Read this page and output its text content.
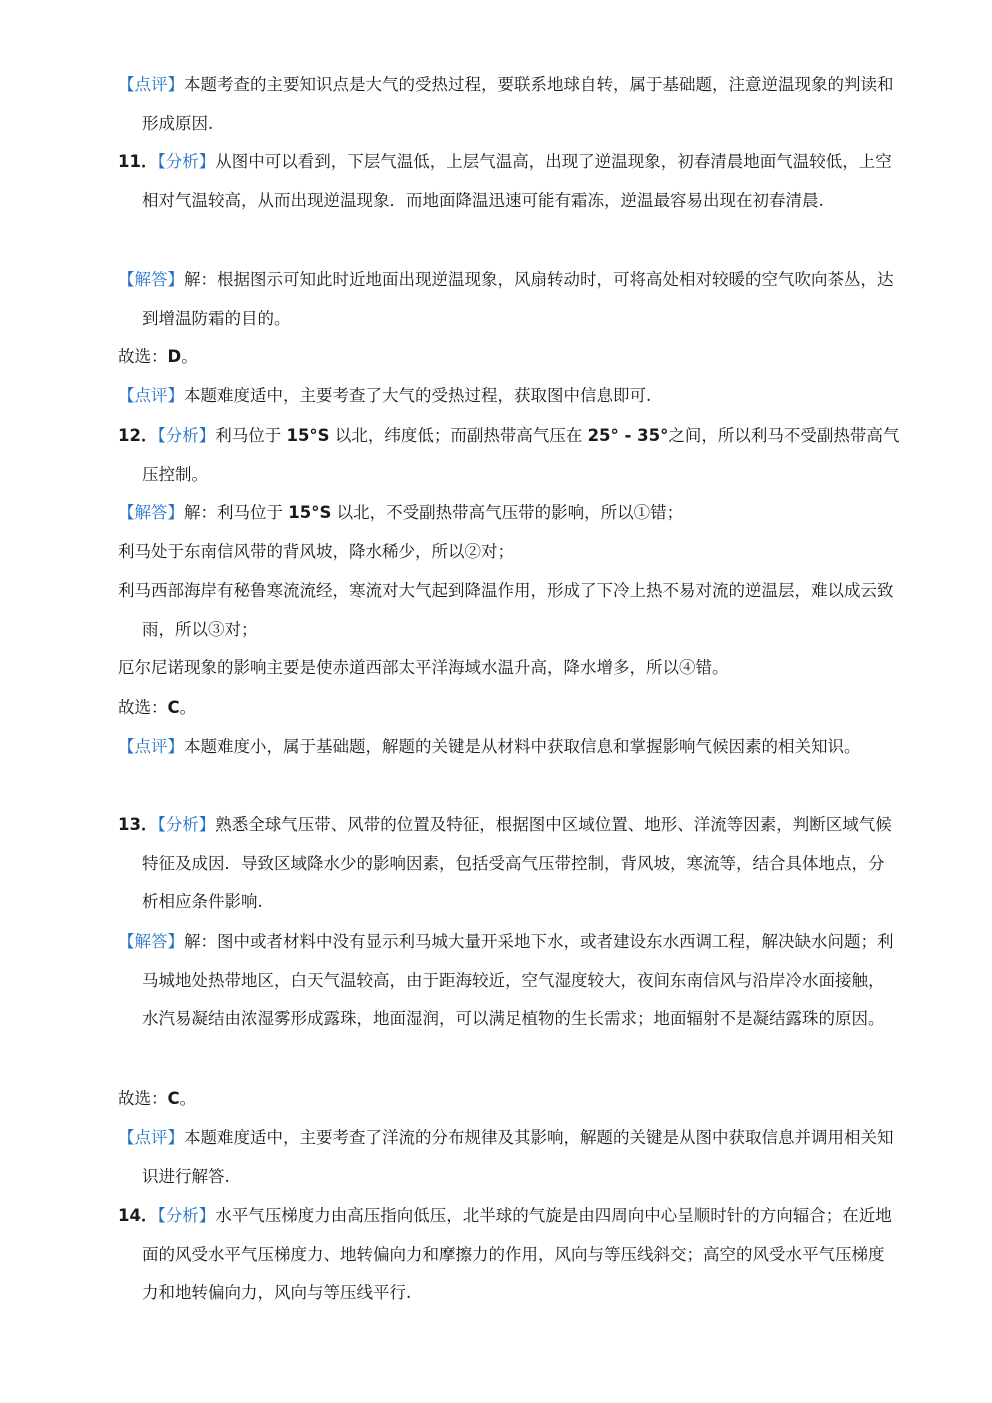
【点评】本题考查的主要知识点是大气的受热过程，要联系地球自转，属于基础题，注意逆温现象的判读和形成原因.
11．【分析】从图中可以看到，下层气温低，上层气温高，出现了逆温现象，初春清晨地面气温较低，上空相对气温较高，从而出现逆温现象．而地面降温迅速可能有霜冻，逆温最容易出现在初春清晨.
【解答】解：根据图示可知此时近地面出现逆温现象，风扇转动时，可将高处相对较暖的空气吹向茶丛，达到增温防霜的目的。
故选：D。
【点评】本题难度适中，主要考查了大气的受热过程，获取图中信息即可.
12．【分析】利马位于 15°S 以北，纬度低；而副热带高气压在 25° - 35°之间，所以利马不受副热带高气压控制。
【解答】解：利马位于 15°S 以北，不受副热带高气压带的影响，所以①错；
利马处于东南信风带的背风坡，降水稀少，所以②对；
利马西部海岸有秘鲁寒流流经，寒流对大气起到降温作用，形成了下冷上热不易对流的逆温层，难以成云致雨，所以③对；
厄尔尼诺现象的影响主要是使赤道西部太平洋海域水温升高，降水增多，所以④错。
故选：C。
【点评】本题难度小，属于基础题，解题的关键是从材料中获取信息和掌握影响气候因素的相关知识。
13．【分析】熟悉全球气压带、风带的位置及特征，根据图中区域位置、地形、洋流等因素，判断区域气候特征及成因．导致区域降水少的影响因素，包括受高气压带控制，背风坡，寒流等，结合具体地点，分析相应条件影响.
【解答】解：图中或者材料中没有显示利马城大量开采地下水，或者建设东水西调工程，解决缺水问题；利马城地处热带地区，白天气温较高，由于距海较近，空气湿度较大，夜间东南信风与沿岸冷水面接触，水汽易凝结由浓湿雾形成露珠，地面湿润，可以满足植物的生长需求；地面辐射不是凝结露珠的原因。
故选：C。
【点评】本题难度适中，主要考查了洋流的分布规律及其影响，解题的关键是从图中获取信息并调用相关知识进行解答.
14．【分析】水平气压梯度力由高压指向低压，北半球的气旋是由四周向中心呈顺时针的方向辐合；在近地面的风受水平气压梯度力、地转偏向力和摩擦力的作用，风向与等压线斜交；高空的风受水平气压梯度力和地转偏向力，风向与等压线平行.
